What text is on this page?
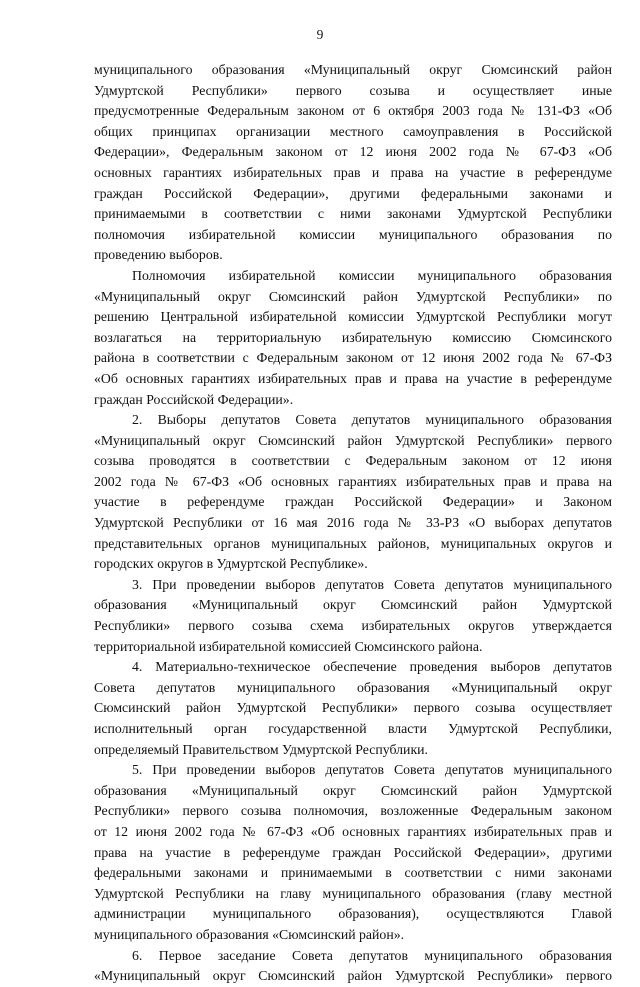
9
муниципального образования «Муниципальный округ Сюмсинский район
Удмуртской Республики» первого созыва и осуществляет иные
предусмотренные Федеральным законом от 6 октября 2003 года № 131-ФЗ «Об
общих принципах организации местного самоуправления в Российской
Федерации», Федеральным законом от 12 июня 2002 года № 67-ФЗ «Об
основных гарантиях избирательных прав и права на участие в референдуме
граждан Российской Федерации», другими федеральными законами и
принимаемыми в соответствии с ними законами Удмуртской Республики
полномочия избирательной комиссии муниципального образования по
проведению выборов.
Полномочия избирательной комиссии муниципального образования
«Муниципальный округ Сюмсинский район Удмуртской Республики» по
решению Центральной избирательной комиссии Удмуртской Республики могут
возлагаться на территориальную избирательную комиссию Сюмсинского
района в соответствии с Федеральным законом от 12 июня 2002 года № 67-ФЗ
«Об основных гарантиях избирательных прав и права на участие в референдуме
граждан Российской Федерации».
2. Выборы депутатов Совета депутатов муниципального образования
«Муниципальный округ Сюмсинский район Удмуртской Республики» первого
созыва проводятся в соответствии с Федеральным законом от 12 июня
2002 года № 67-ФЗ «Об основных гарантиях избирательных прав и права на
участие в референдуме граждан Российской Федерации» и Законом
Удмуртской Республики от 16 мая 2016 года № 33-РЗ «О выборах депутатов
представительных органов муниципальных районов, муниципальных округов и
городских округов в Удмуртской Республике».
3. При проведении выборов депутатов Совета депутатов муниципального
образования «Муниципальный округ Сюмсинский район Удмуртской
Республики» первого созыва схема избирательных округов утверждается
территориальной избирательной комиссией Сюмсинского района.
4. Материально-техническое обеспечение проведения выборов депутатов
Совета депутатов муниципального образования «Муниципальный округ
Сюмсинский район Удмуртской Республики» первого созыва осуществляет
исполнительный орган государственной власти Удмуртской Республики,
определяемый Правительством Удмуртской Республики.
5. При проведении выборов депутатов Совета депутатов муниципального
образования «Муниципальный округ Сюмсинский район Удмуртской
Республики» первого созыва полномочия, возложенные Федеральным законом
от 12 июня 2002 года № 67-ФЗ «Об основных гарантиях избирательных прав и
права на участие в референдуме граждан Российской Федерации», другими
федеральными законами и принимаемыми в соответствии с ними законами
Удмуртской Республики на главу муниципального образования (главу местной
администрации муниципального образования), осуществляются Главой
муниципального образования «Сюмсинский район».
6. Первое заседание Совета депутатов муниципального образования
«Муниципальный округ Сюмсинский район Удмуртской Республики» первого
